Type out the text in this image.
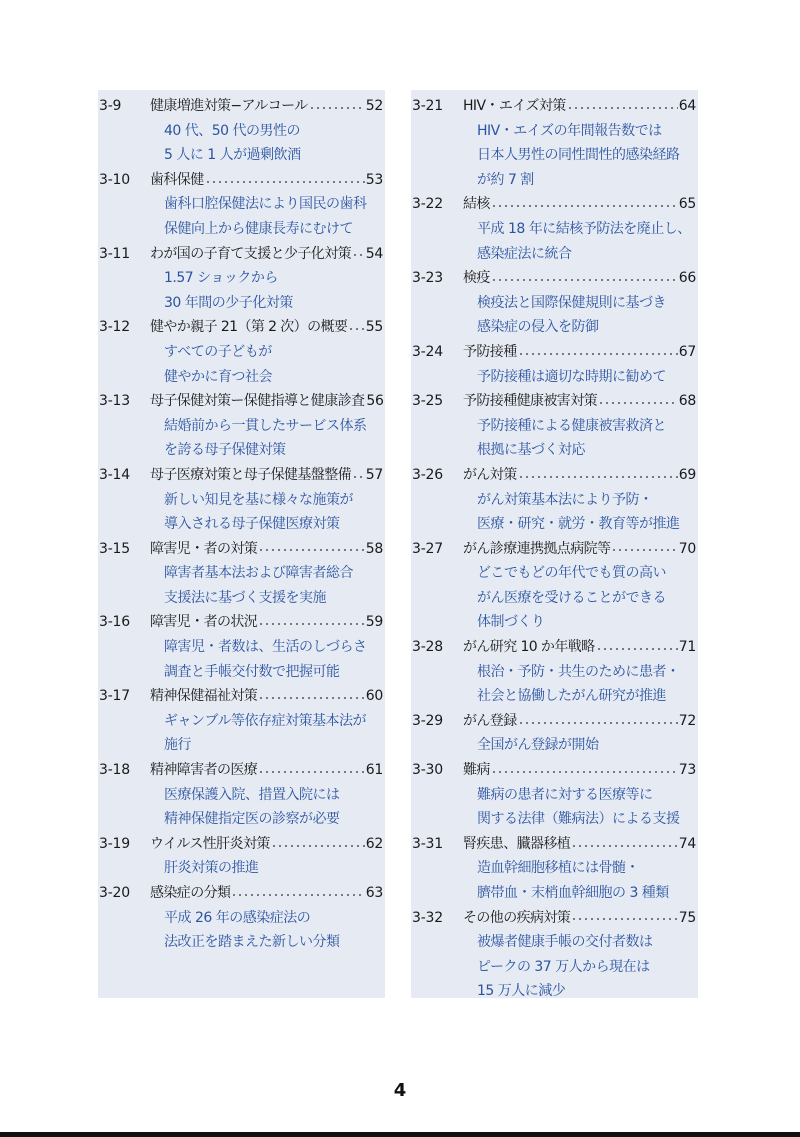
3-9 健康増進対策−アルコール	52
40 代、50 代の男性の
5 人に 1 人が過剰飲酒
3-10 歯科保健	53
歯科口腔保健法により国民の歯科
保健向上から健康長寿にむけて
3-11 わが国の子育て支援と少子化対策 54
1.57 ショックから
30 年間の少子化対策
3-12 健やか親子 21（第 2 次）の概要 55
すべての子どもが
健やかに育つ社会
3-13 母子保健対策ー保健指導と健康診査 56
結婚前から一貫したサービス体系
を誇る母子保健対策
3-14 母子医療対策と母子保健基盤整備 57
新しい知見を基に様々な施策が
導入される母子保健医療対策
3-15 障害児・者の対策	58
障害者基本法および障害者総合
支援法に基づく支援を実施
3-16 障害児・者の状況	59
障害児・者数は、生活のしづらさ
調査と手帳交付数で把握可能
3-17 精神保健福祉対策	60
ギャンブル等依存症対策基本法が
施行
3-18 精神障害者の医療	61
医療保護入院、措置入院には
精神保健指定医の診察が必要
3-19 ウイルス性肝炎対策	62
肝炎対策の推進
3-20 感染症の分類	63
平成 26 年の感染症法の
法改正を踏まえた新しい分類
3-21 HIV・エイズ対策	64
HIV・エイズの年間報告数では
日本人男性の同性間性的感染経路
が約 7 割
3-22 結核	65
平成 18 年に結核予防法を廃止し、
感染症法に統合
3-23 検疫	66
検疫法と国際保健規則に基づき
感染症の侵入を防御
3-24 予防接種	67
予防接種は適切な時期に勧めて
3-25 予防接種健康被害対策	68
予防接種による健康被害救済と
根拠に基づく対応
3-26 がん対策	69
がん対策基本法により予防・
医療・研究・就労・教育等が推進
3-27 がん診療連携拠点病院等	70
どこでもどの年代でも質の高い
がん医療を受けることができる
体制づくり
3-28 がん研究 10 か年戦略	71
根治・予防・共生のために患者・
社会と協働したがん研究が推進
3-29 がん登録	72
全国がん登録が開始
3-30 難病	73
難病の患者に対する医療等に
関する法律（難病法）による支援
3-31 腎疾患、臓器移植	74
造血幹細胞移植には骨髄・
臍帯血・末梢血幹細胞の 3 種類
3-32 その他の疾病対策	75
被爆者健康手帳の交付者数は
ピークの 37 万人から現在は
15 万人に減少
4
